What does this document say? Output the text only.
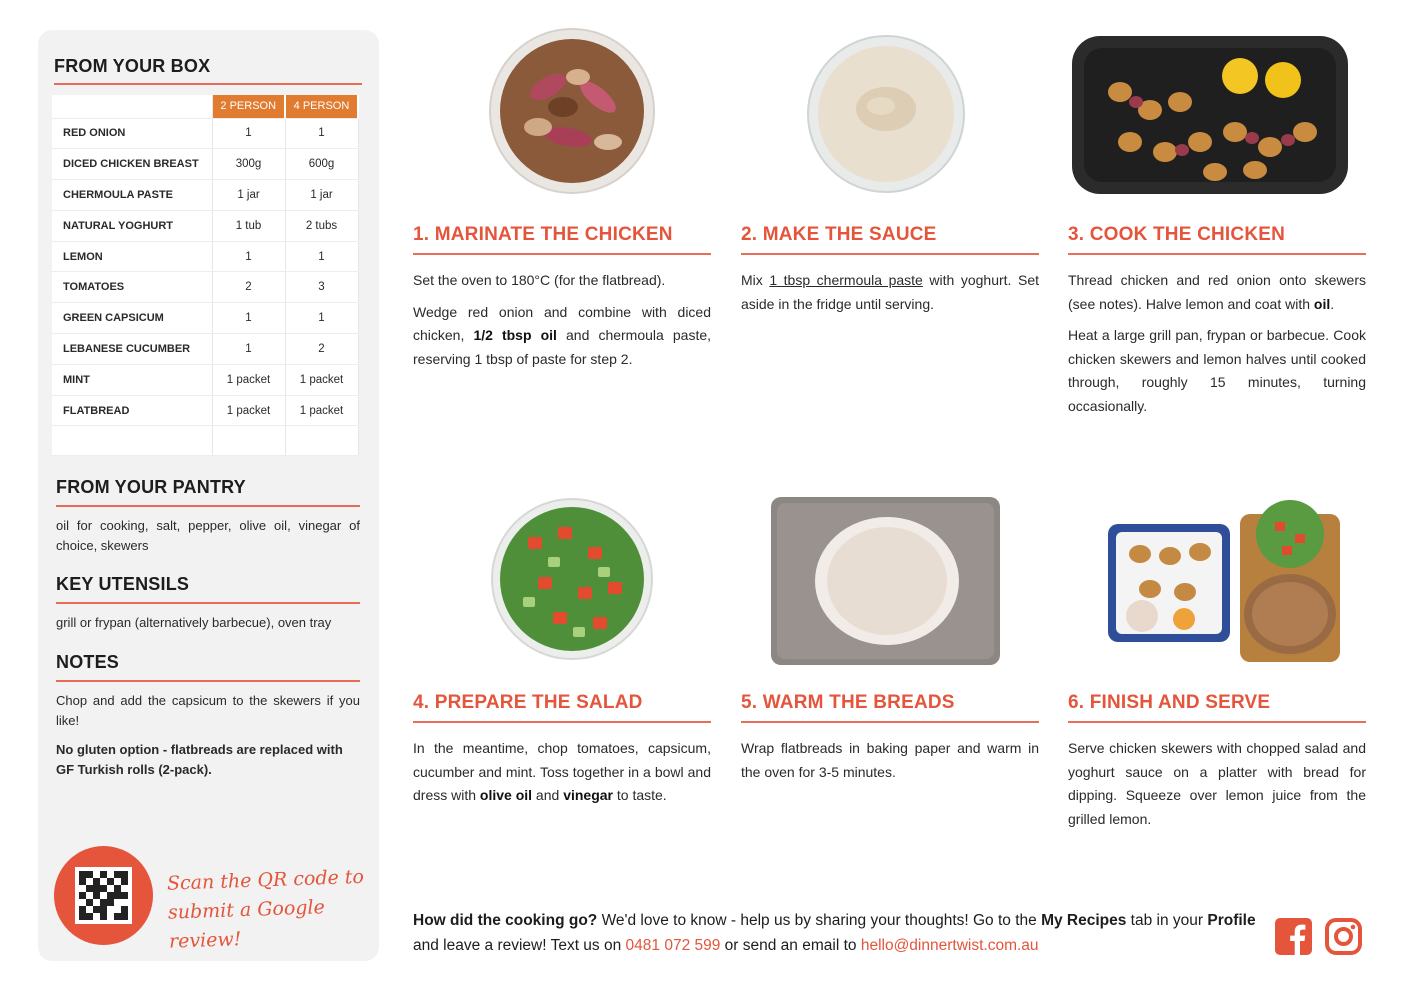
FROM YOUR BOX
	2 PERSON	4 PERSON
RED ONION	1	1
DICED CHICKEN BREAST	300g	600g
CHERMOULA PASTE	1 jar	1 jar
NATURAL YOGHURT	1 tub	2 tubs
LEMON	1	1
TOMATOES	2	3
GREEN CAPSICUM	1	1
LEBANESE CUCUMBER	1	2
MINT	1 packet	1 packet
FLATBREAD	1 packet	1 packet

FROM YOUR PANTRY

oil for cooking, salt, pepper, olive oil, vinegar of choice, skewers

KEY UTENSILS

grill or frypan (alternatively barbecue), oven tray

NOTES

Chop and add the capsicum to the skewers if you like!

No gluten option - flatbreads are replaced with GF Turkish rolls (2-pack).

Scan the QR code to
submit a Google review!
1. MARINATE THE CHICKEN

Set the oven to 180°C (for the flatbread).

Wedge red onion and combine with diced chicken, 1/2 tbsp oil and chermoula paste, reserving 1 tbsp of paste for step 2.

2. MAKE THE SAUCE

Mix 1 tbsp chermoula paste with yoghurt. Set aside in the fridge until serving.

3. COOK THE CHICKEN

Thread chicken and red onion onto skewers (see notes). Halve lemon and coat with oil.

Heat a large grill pan, frypan or barbecue. Cook chicken skewers and lemon halves until cooked through, roughly 15 minutes, turning occasionally.

4. PREPARE THE SALAD

In the meantime, chop tomatoes, capsicum, cucumber and mint. Toss together in a bowl and dress with olive oil and vinegar to taste.

5. WARM THE BREADS

Wrap flatbreads in baking paper and warm in the oven for 3-5 minutes.

6. FINISH AND SERVE

Serve chicken skewers with chopped salad and yoghurt sauce on a platter with bread for dipping. Squeeze over lemon juice from the grilled lemon.

How did the cooking go? We'd love to know - help us by sharing your thoughts! Go to the My Recipes tab in your Profile and leave a review! Text us on 0481 072 599 or send an email to hello@dinnertwist.com.au
